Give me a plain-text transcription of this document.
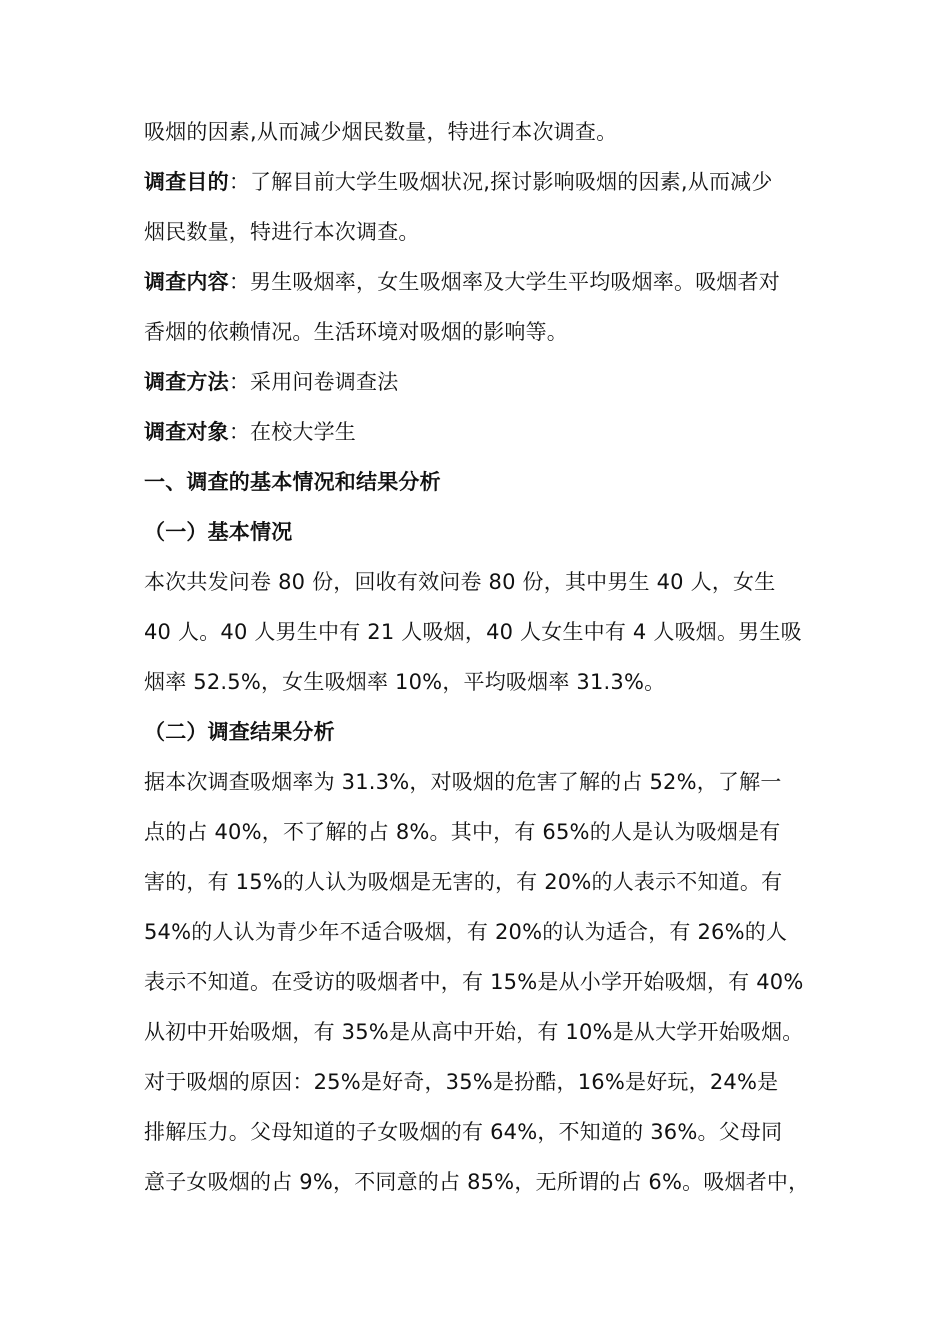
吸烟的因素,从而减少烟民数量，特进行本次调查。
调查目的：了解目前大学生吸烟状况,探讨影响吸烟的因素,从而减少
烟民数量，特进行本次调查。
调查内容：男生吸烟率，女生吸烟率及大学生平均吸烟率。吸烟者对
香烟的依赖情况。生活环境对吸烟的影响等。
调查方法：采用问卷调查法
调查对象：在校大学生
一、调查的基本情况和结果分析
（一）基本情况
本次共发问卷 80 份，回收有效问卷 80 份，其中男生 40 人，女生
40 人。40 人男生中有 21 人吸烟，40 人女生中有 4 人吸烟。男生吸
烟率 52.5%，女生吸烟率 10%，平均吸烟率 31.3%。
（二）调查结果分析
据本次调查吸烟率为 31.3%，对吸烟的危害了解的占 52%，了解一
点的占 40%，不了解的占 8%。其中，有 65%的人是认为吸烟是有
害的，有 15%的人认为吸烟是无害的，有 20%的人表示不知道。有
54%的人认为青少年不适合吸烟，有 20%的认为适合，有 26%的人
表示不知道。在受访的吸烟者中，有 15%是从小学开始吸烟，有 40%
从初中开始吸烟，有 35%是从高中开始，有 10%是从大学开始吸烟。
对于吸烟的原因：25%是好奇，35%是扮酷，16%是好玩，24%是
排解压力。父母知道的子女吸烟的有 64%，不知道的 36%。父母同
意子女吸烟的占 9%，不同意的占 85%，无所谓的占 6%。吸烟者中，
